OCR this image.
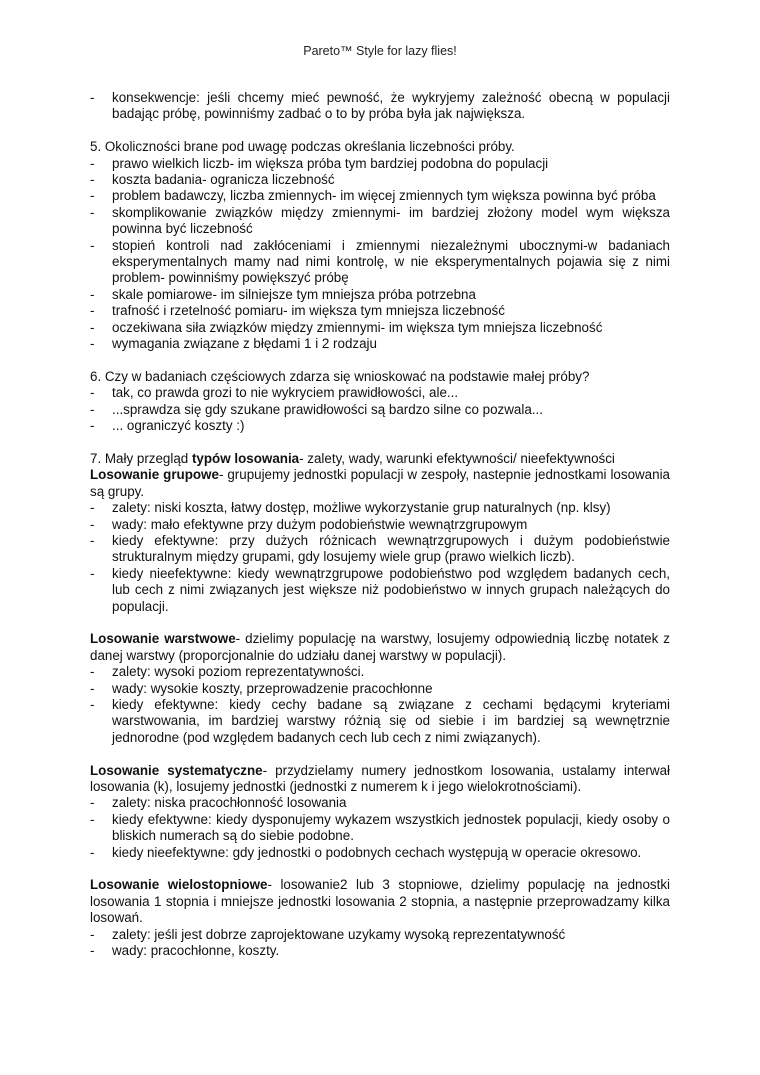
Pareto™ Style for lazy flies!
-	konsekwencje: jeśli chcemy mieć pewność, że wykryjemy zależność obecną w populacji badając próbę, powinniśmy zadbać o to by próba była jak największa.

5. Okoliczności brane pod uwagę podczas określania liczebności próby.

-	prawo wielkich liczb- im większa próba tym bardziej podobna do populacji
-	koszta badania- ogranicza liczebność
-	problem badawczy, liczba zmiennych- im więcej zmiennych tym większa powinna być próba
-	skomplikowanie związków między zmiennymi- im bardziej złożony model wym większa powinna być liczebność
-	stopień kontroli nad zakłóceniami i zmiennymi niezależnymi ubocznymi-w badaniach eksperymentalnych mamy nad nimi kontrolę, w nie eksperymentalnych pojawia się z nimi problem- powinniśmy powiększyć próbę
-	skale pomiarowe- im silniejsze tym mniejsza próba potrzebna
-	trafność i rzetelność pomiaru- im większa tym mniejsza liczebność
-	oczekiwana siła związków między zmiennymi- im większa tym mniejsza liczebność
-	wymagania związane z błędami 1 i 2 rodzaju

6. Czy w badaniach częściowych zdarza się wnioskować na podstawie małej próby?

-	tak, co prawda grozi to nie wykryciem prawidłowości, ale...
-	...sprawdza się gdy szukane prawidłowości są bardzo silne co pozwala...
-	... ograniczyć koszty :)

7. Mały przegląd typów losowania- zalety, wady, warunki efektywności/ nieefektywności

Losowanie grupowe- grupujemy jednostki populacji w zespoły, nastepnie jednostkami losowania są grupy.

-	zalety: niski koszta, łatwy dostęp, możliwe wykorzystanie grup naturalnych (np. klsy)
-	wady: mało efektywne przy dużym podobieństwie wewnątrzgrupowym
-	kiedy efektywne: przy dużych różnicach wewnątrzgrupowych i dużym podobieństwie strukturalnym między grupami, gdy losujemy wiele grup (prawo wielkich liczb).
-	kiedy nieefektywne: kiedy wewnątrzgrupowe podobieństwo pod względem badanych cech, lub cech z nimi związanych jest większe niż podobieństwo w innych grupach należących do populacji.

Losowanie warstwowe- dzielimy populację na warstwy, losujemy odpowiednią liczbę notatek z danej warstwy (proporcjonalnie do udziału danej warstwy w populacji).

-	zalety: wysoki poziom reprezentatywności.
-	wady: wysokie koszty, przeprowadzenie pracochłonne
-	kiedy efektywne: kiedy cechy badane są związane z cechami będącymi kryteriami warstwowania, im bardziej warstwy różnią się od siebie i im bardziej są wewnętrznie jednorodne (pod względem badanych cech lub cech z nimi związanych).

Losowanie systematyczne- przydzielamy numery jednostkom losowania, ustalamy interwał losowania (k), losujemy jednostki (jednostki z numerem k i jego wielokrotnościami).

-	zalety: niska pracochłonność losowania
-	kiedy efektywne: kiedy dysponujemy wykazem wszystkich jednostek populacji, kiedy osoby o bliskich numerach są do siebie podobne.
-	kiedy nieefektywne: gdy jednostki o podobnych cechach występują w operacie okresowo.

Losowanie wielostopniowe- losowanie2 lub 3 stopniowe, dzielimy populację na jednostki losowania 1 stopnia i mniejsze jednostki losowania 2 stopnia, a następnie przeprowadzamy kilka losowań.

-	zalety: jeśli jest dobrze zaprojektowane uzykamy wysoką reprezentatywność
-	wady: pracochłonne, koszty.
